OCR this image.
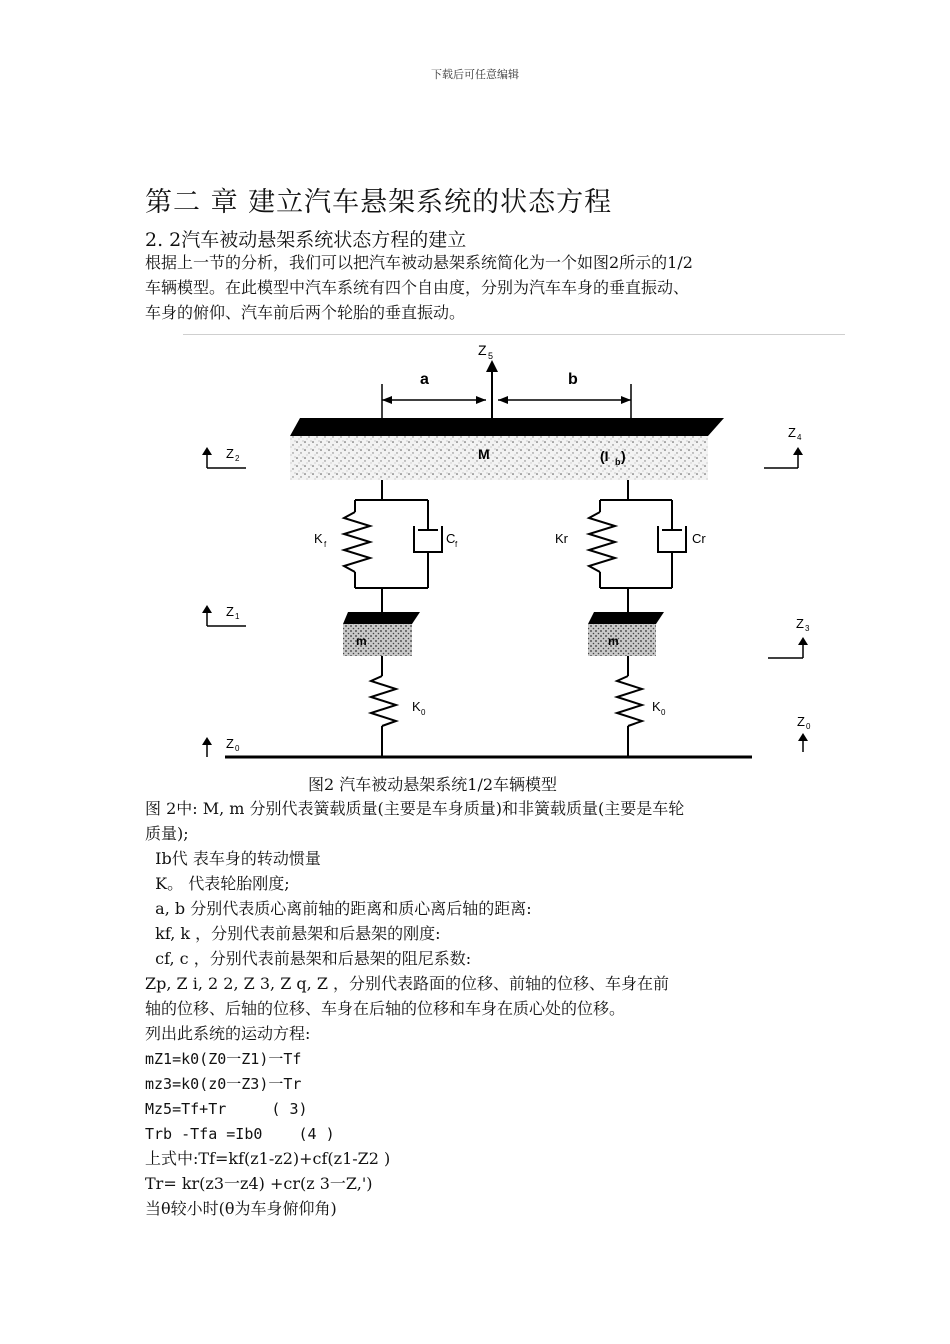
下载后可任意编辑
第二 章 建立汽车悬架系统的状态方程
2. 2汽车被动悬架系统状态方程的建立
根据上一节的分析，我们可以把汽车被动悬架系统简化为一个如图2所示的1/2
车辆模型。在此模型中汽车系统有四个自由度，分别为汽车车身的垂直振动、
车身的俯仰、汽车前后两个轮胎的垂直振动。
Z 5
a	b
M	(I b )
Z 2
Z 4
K f	C f	Kr	Cr
Z 1	Z 3
m	m
K 0	K 0
Z 0
Z 0
图2 汽车被动悬架系统1/2车辆模型
图 2中: M, m 分别代表簧载质量(主要是车身质量)和非簧载质量(主要是车轮
质量);
Ib代 表车身的转动惯量
K。 代表轮胎刚度;
a, b 分别代表质心离前轴的距离和质心离后轴的距离:
kf, k ，分别代表前悬架和后悬架的刚度:
cf, c ，分别代表前悬架和后悬架的阻尼系数:
Zp, Z i, 2 2, Z 3, Z q, Z ，分别代表路面的位移、前轴的位移、车身在前
轴的位移、后轴的位移、车身在后轴的位移和车身在质心处的位移。
列出此系统的运动方程:
mZ1=k0(Z0一Z1)一Tf
mz3=k0(z0一Z3)一Tr
Mz5=Tf+Tr     ( 3)
Trb -Tfa =Ib0    (4 )
上式中:Tf=kf(z1-z2)+cf(z1-Z2 )
Tr= kr(z3一z4) +cr(z 3一Z,')
当θ较小时(θ为车身俯仰角)
